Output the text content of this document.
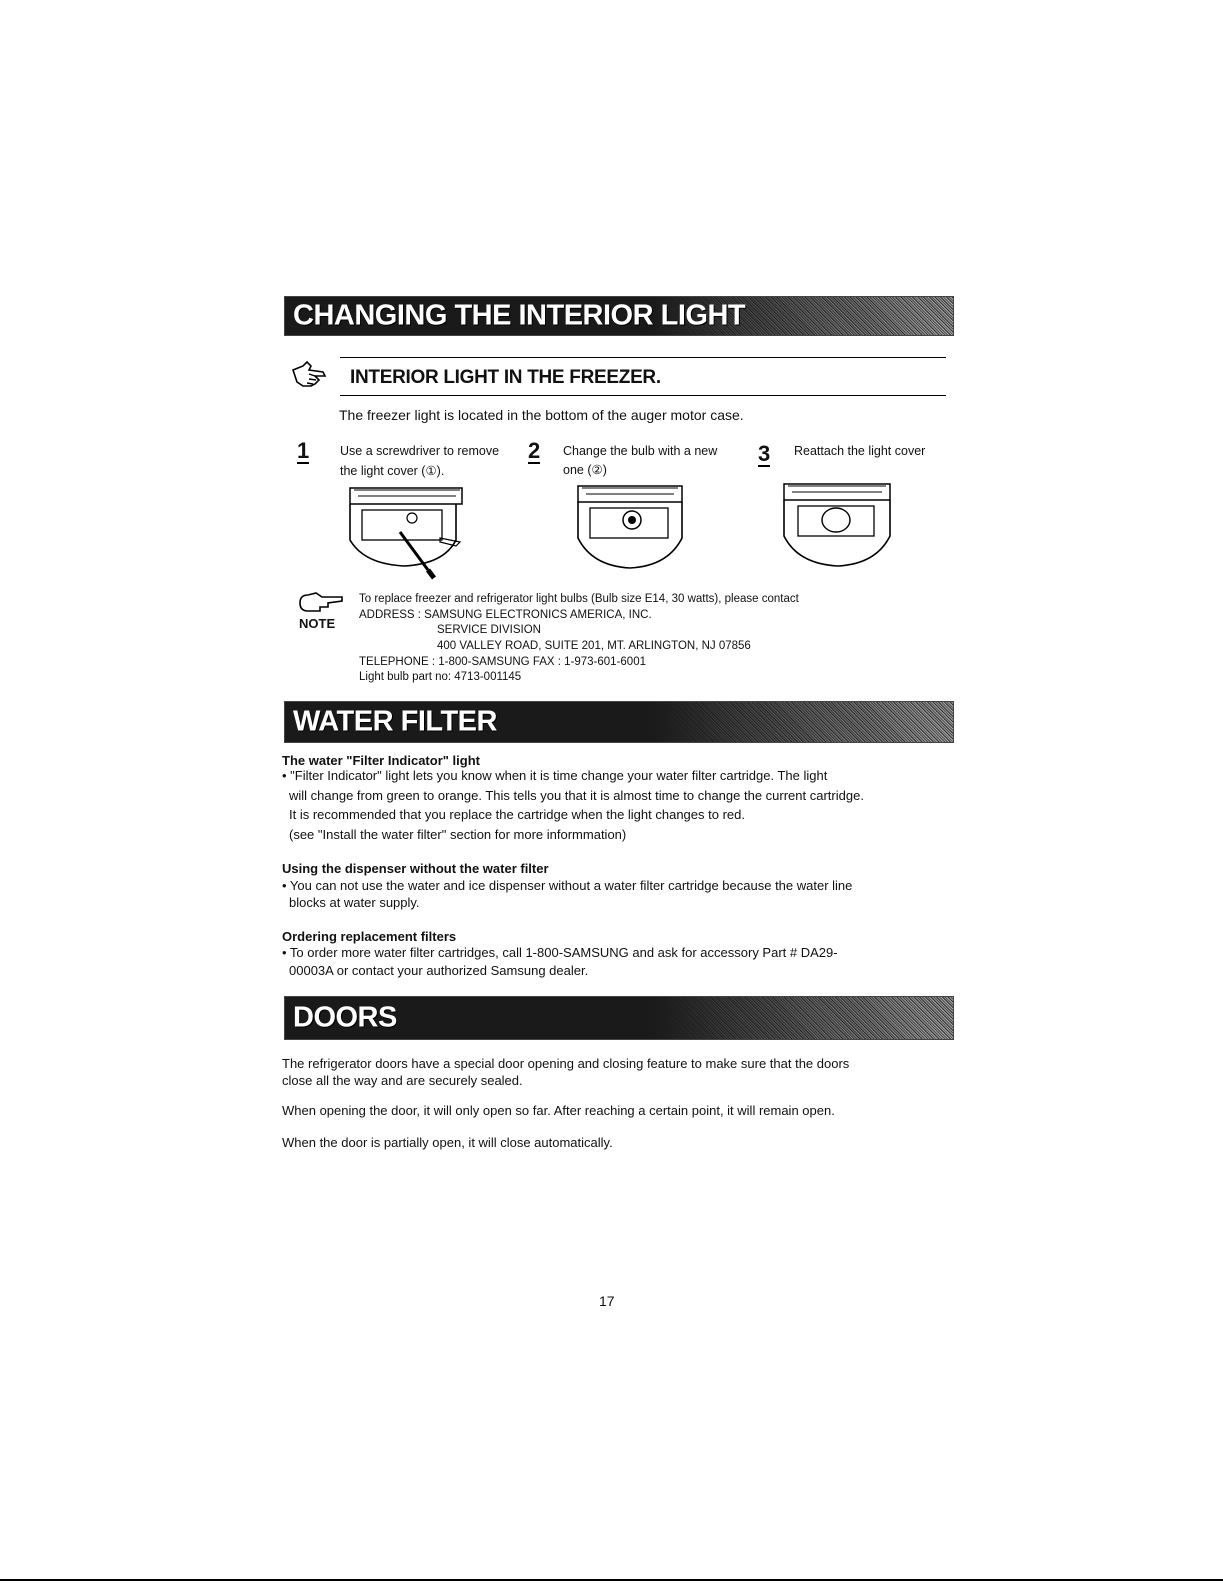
CHANGING THE INTERIOR LIGHT
INTERIOR LIGHT IN THE FREEZER.
The freezer light is located in the bottom of the auger motor case.
1 Use a screwdriver to remove
the light cover (①).
2 Change the bulb with a new
one (②)
3 Reattach the light cover
NOTE
To replace freezer and refrigerator light bulbs (Bulb size E14, 30 watts), please contact
ADDRESS : SAMSUNG ELECTRONICS AMERICA, INC.
SERVICE DIVISION
400 VALLEY ROAD, SUITE 201, MT. ARLINGTON, NJ 07856
TELEPHONE : 1-800-SAMSUNG FAX : 1-973-601-6001
Light bulb part no: 4713-001145
WATER FILTER
The water "Filter Indicator" light
• "Filter Indicator" light lets you know when it is time change your water filter cartridge. The light
will change from green to orange. This tells you that it is almost time to change the current cartridge.
It is recommended that you replace the cartridge when the light changes to red.
(see "Install the water filter" section for more informmation)
Using the dispenser without the water filter
• You can not use the water and ice dispenser without a water filter cartridge because the water line
blocks at water supply.
Ordering replacement filters
• To order more water filter cartridges, call 1-800-SAMSUNG and ask for accessory Part # DA29-
00003A or contact your authorized Samsung dealer.
DOORS
The refrigerator doors have a special door opening and closing feature to make sure that the doors
close all the way and are securely sealed.
When opening the door, it will only open so far. After reaching a certain point, it will remain open.
When the door is partially open, it will close automatically.
17
